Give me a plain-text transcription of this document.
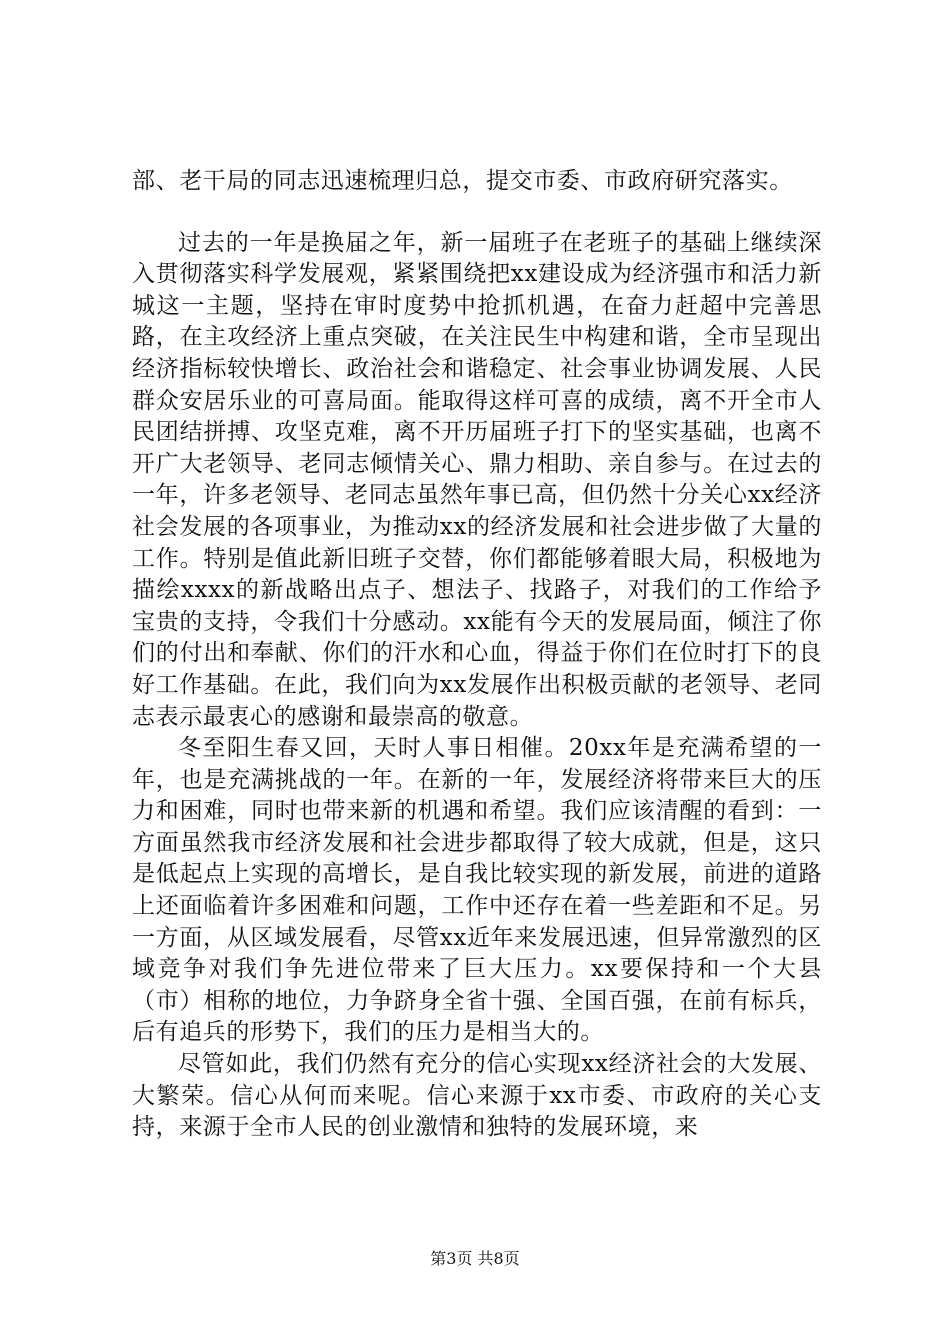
部、老干局的同志迅速梳理归总，提交市委、市政府研究落实。

过去的一年是换届之年，新一届班子在老班子的基础上继续深入贯彻落实科学发展观，紧紧围绕把xx建设成为经济强市和活力新城这一主题，坚持在审时度势中抢抓机遇，在奋力赶超中完善思路，在主攻经济上重点突破，在关注民生中构建和谐，全市呈现出经济指标较快增长、政治社会和谐稳定、社会事业协调发展、人民群众安居乐业的可喜局面。能取得这样可喜的成绩，离不开全市人民团结拼搏、攻坚克难，离不开历届班子打下的坚实基础，也离不开广大老领导、老同志倾情关心、鼎力相助、亲自参与。在过去的一年，许多老领导、老同志虽然年事已高，但仍然十分关心xx经济社会发展的各项事业，为推动xx的经济发展和社会进步做了大量的工作。特别是值此新旧班子交替，你们都能够着眼大局，积极地为描绘xxxx的新战略出点子、想法子、找路子，对我们的工作给予宝贵的支持，令我们十分感动。xx能有今天的发展局面，倾注了你们的付出和奉献、你们的汗水和心血，得益于你们在位时打下的良好工作基础。在此，我们向为xx发展作出积极贡献的老领导、老同志表示最衷心的感谢和最崇高的敬意。

冬至阳生春又回，天时人事日相催。20xx年是充满希望的一年，也是充满挑战的一年。在新的一年，发展经济将带来巨大的压力和困难，同时也带来新的机遇和希望。我们应该清醒的看到：一方面虽然我市经济发展和社会进步都取得了较大成就，但是，这只是低起点上实现的高增长，是自我比较实现的新发展，前进的道路上还面临着许多困难和问题，工作中还存在着一些差距和不足。另一方面，从区域发展看，尽管xx近年来发展迅速，但异常激烈的区域竞争对我们争先进位带来了巨大压力。xx要保持和一个大县（市）相称的地位，力争跻身全省十强、全国百强，在前有标兵，后有追兵的形势下，我们的压力是相当大的。

尽管如此，我们仍然有充分的信心实现xx经济社会的大发展、大繁荣。信心从何而来呢。信心来源于xx市委、市政府的关心支持，来源于全市人民的创业激情和独特的发展环境，来

第3页 共8页
